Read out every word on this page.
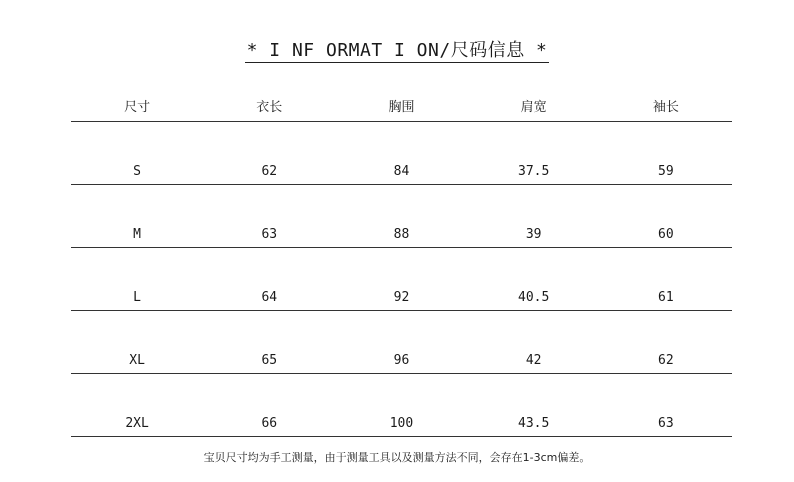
* I NF ORMAT I ON/尺码信息 *
尺寸	衣长	胸围	肩宽	袖长
S	62	84	37.5	59
M	63	88	39	60
L	64	92	40.5	61
XL	65	96	42	62
2XL	66	100	43.5	63
宝贝尺寸均为手工测量，由于测量工具以及测量方法不同，会存在1-3cm偏差。
